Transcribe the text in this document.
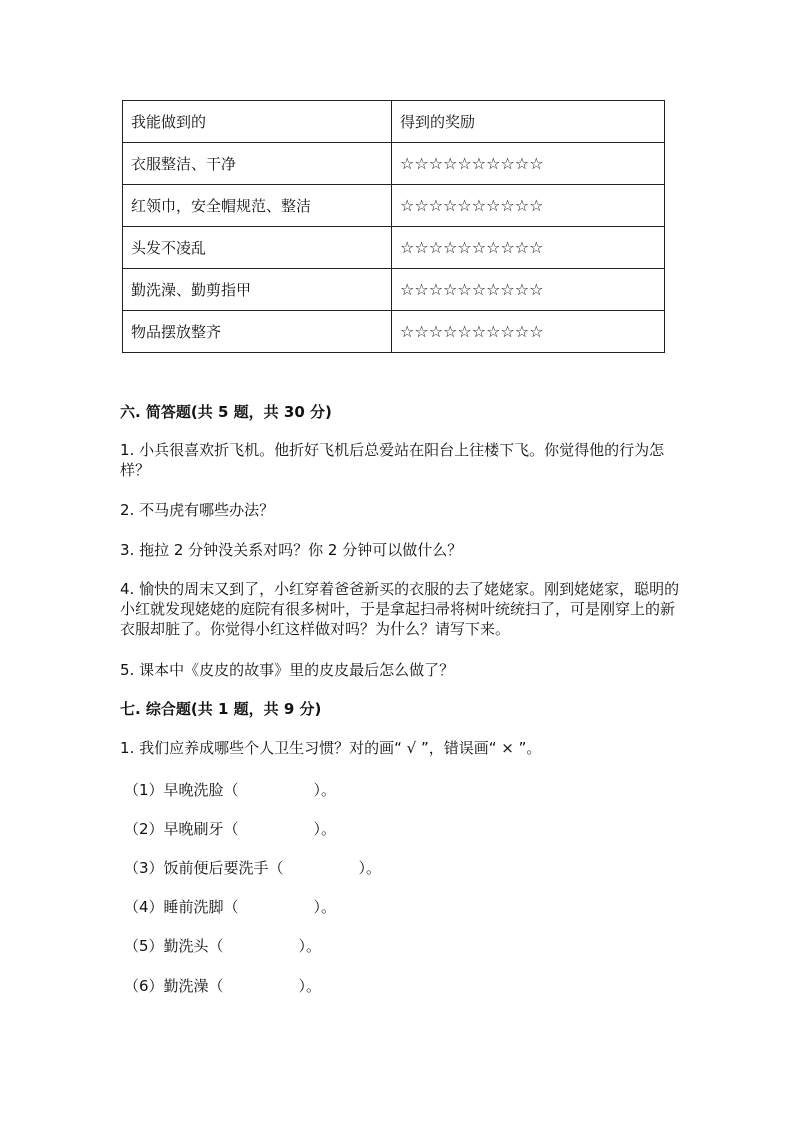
我能做到的	得到的奖励
衣服整洁、干净	☆☆☆☆☆☆☆☆☆☆
红领巾，安全帽规范、整洁	☆☆☆☆☆☆☆☆☆☆
头发不凌乱	☆☆☆☆☆☆☆☆☆☆
勤洗澡、勤剪指甲	☆☆☆☆☆☆☆☆☆☆
物品摆放整齐	☆☆☆☆☆☆☆☆☆☆
六. 简答题(共 5 题，共 30 分)
1. 小兵很喜欢折飞机。他折好飞机后总爱站在阳台上往楼下飞。你觉得他的行为怎样？
2. 不马虎有哪些办法？
3. 拖拉 2 分钟没关系对吗？你 2 分钟可以做什么？
4. 愉快的周末又到了，小红穿着爸爸新买的衣服的去了姥姥家。刚到姥姥家，聪明的小红就发现姥姥的庭院有很多树叶，于是拿起扫帚将树叶统统扫了，可是刚穿上的新衣服却脏了。你觉得小红这样做对吗？为什么？请写下来。
5. 课本中《皮皮的故事》里的皮皮最后怎么做了？
七. 综合题(共 1 题，共 9 分)
1. 我们应养成哪些个人卫生习惯？对的画“ √ ”，错误画“ × ”。
（1）早晚洗脸（　　　　　）。
（2）早晚刷牙（　　　　　）。
（3）饭前便后要洗手（　　　　　）。
（4）睡前洗脚（　　　　　）。
（5）勤洗头（　　　　　）。
（6）勤洗澡（　　　　　）。
